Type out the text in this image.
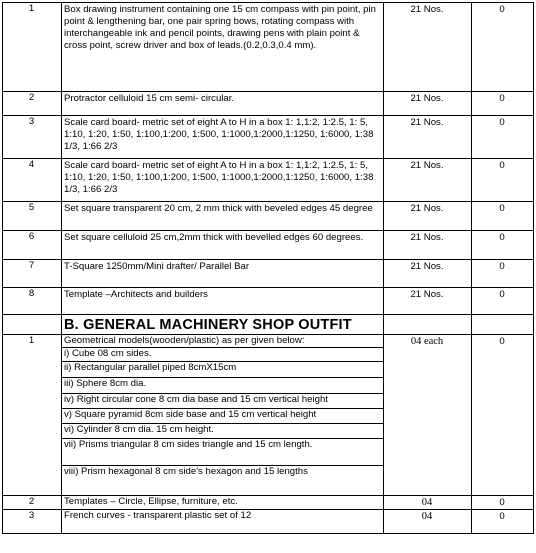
1	Box drawing instrument containing one 15 cm compass with pin point, pin point & lengthening bar, one pair spring bows, rotating compass with interchangeable ink and pencil points, drawing pens with plain point & cross point, screw driver and box of leads.(0.2,0.3,0.4 mm).	21 Nos.	0
2	Protractor celluloid 15 cm semi- circular.	21 Nos.	0
3	Scale card board- metric set of eight A to H in a box 1: 1,1:2, 1:2.5, 1: 5, 1:10, 1:20, 1:50, 1:100,1:200, 1:500, 1:1000,1:2000,1:1250, 1:6000, 1:38 1/3, 1:66 2/3	21 Nos.	0
4	Scale card board- metric set of eight A to H in a box 1: 1,1:2, 1:2.5, 1: 5, 1:10, 1:20, 1:50, 1:100,1:200, 1:500, 1:1000,1:2000,1:1250, 1:6000, 1:38 1/3, 1:66 2/3	21 Nos.	0
5	Set square transparent 20 cm, 2 mm thick with beveled edges 45 degree	21 Nos.	0
6	Set square celluloid 25 cm,2mm thick with bevelled edges 60 degrees.	21 Nos.	0
7	T-Square 1250mm/Mini drafter/ Parallel Bar	21 Nos.	0
8	Template –Architects and builders	21 Nos.	0
	B. GENERAL MACHINERY SHOP OUTFIT		
1	Geometrical models(wooden/plastic) as per given below:	04 each	0
	i) Cube 08 cm sides.		
	ii) Rectangular parallel piped 8cmX15cm		
	iii) Sphere 8cm dia.		
	iv) Right circular cone 8 cm dia base and 15 cm vertical height		
	v) Square pyramid 8cm side base and 15 cm vertical height		
	vi) Cylinder 8 cm dia. 15 cm height.		
	vii) Prisms triangular 8 cm sides triangle and 15 cm length.		
	viii) Prism hexagonal 8 cm side's hexagon and 15 lengths		
2	Templates – Circle, Ellipse, furniture, etc.	04	0
3	French curves - transparent plastic set of 12	04	0
